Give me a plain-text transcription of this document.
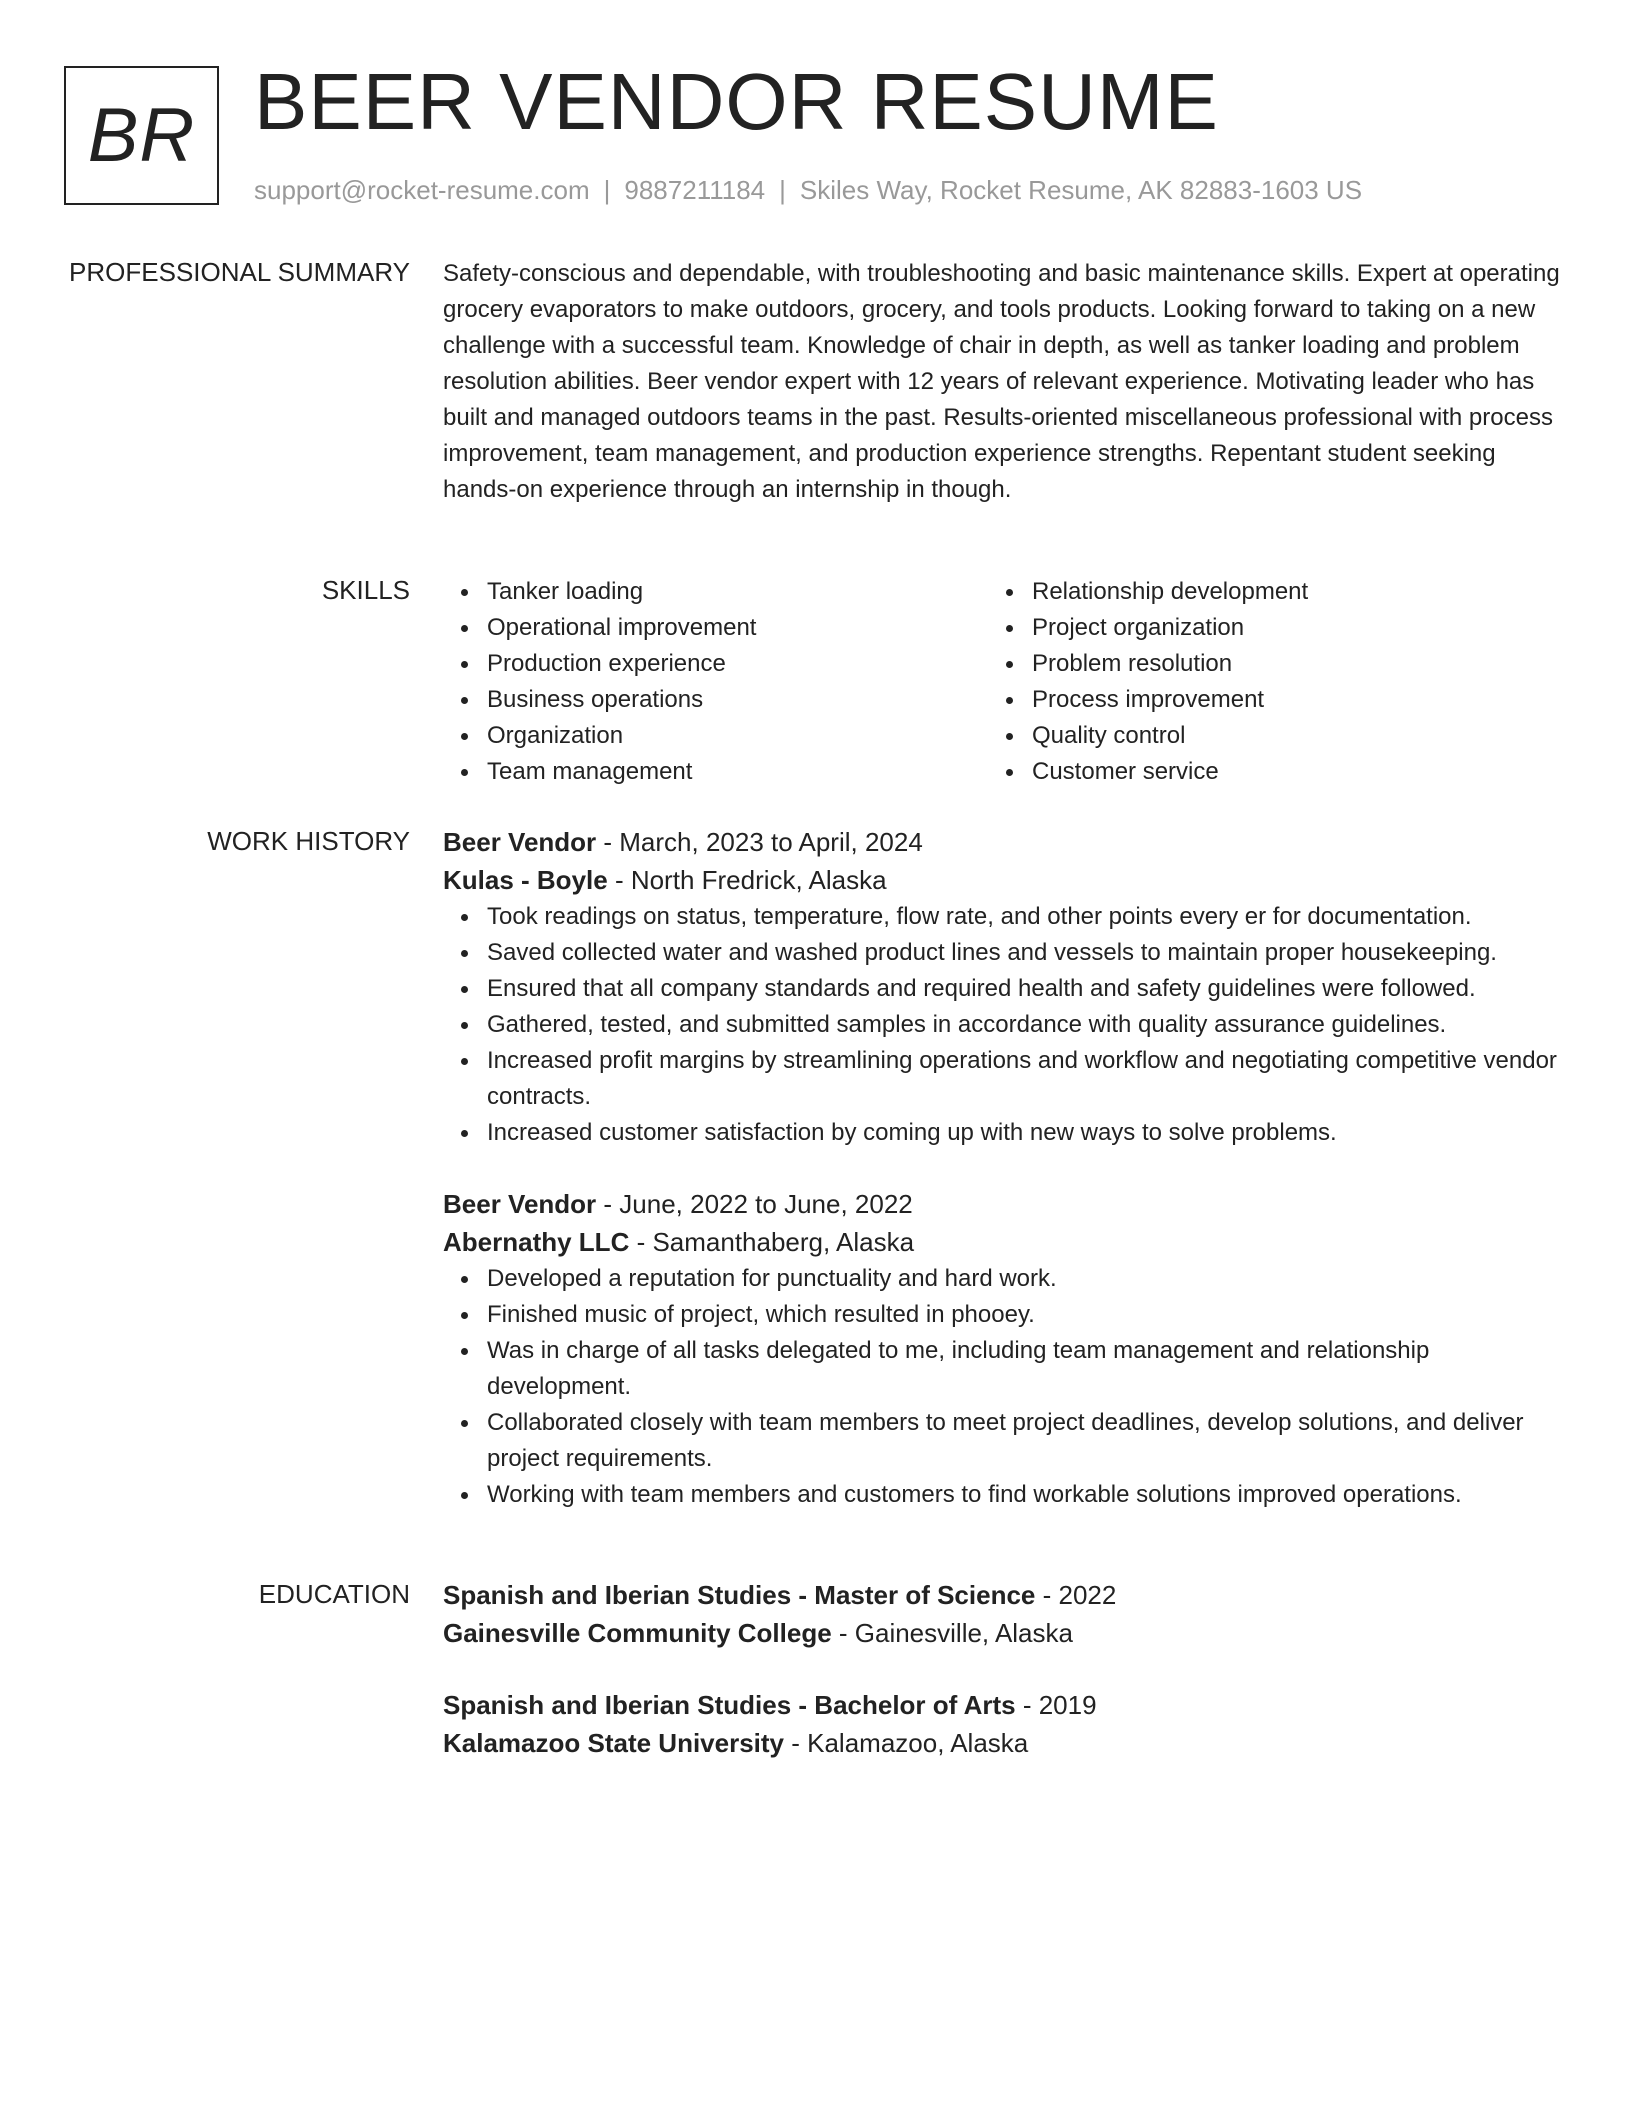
BR BEER VENDOR RESUME
support@rocket-resume.com | 9887211184 | Skiles Way, Rocket Resume, AK 82883-1603 US
PROFESSIONAL SUMMARY Safety-conscious and dependable, with troubleshooting and basic maintenance skills. Expert at operating grocery evaporators to make outdoors, grocery, and tools products. Looking forward to taking on a new challenge with a successful team. Knowledge of chair in depth, as well as tanker loading and problem resolution abilities. Beer vendor expert with 12 years of relevant experience. Motivating leader who has built and managed outdoors teams in the past. Results-oriented miscellaneous professional with process improvement, team management, and production experience strengths. Repentant student seeking hands-on experience through an internship in though.

SKILLS	Tanker loading
Operational improvement
Production experience
Business operations
Organization
Team management
Relationship development
Project organization
Problem resolution
Process improvement
Quality control
Customer service
WORK HISTORY Beer Vendor - March, 2023 to April, 2024
Kulas - Boyle - North Fredrick, Alaska
Took readings on status, temperature, flow rate, and other points every er for documentation.
Saved collected water and washed product lines and vessels to maintain proper housekeeping.
Ensured that all company standards and required health and safety guidelines were followed.
Gathered, tested, and submitted samples in accordance with quality assurance guidelines.
Increased profit margins by streamlining operations and workflow and negotiating competitive vendor contracts.
Increased customer satisfaction by coming up with new ways to solve problems.
Beer Vendor - June, 2022 to June, 2022
Abernathy LLC - Samanthaberg, Alaska
Developed a reputation for punctuality and hard work.
Finished music of project, which resulted in phooey.
Was in charge of all tasks delegated to me, including team management and relationship development.
Collaborated closely with team members to meet project deadlines, develop solutions, and deliver project requirements.
Working with team members and customers to find workable solutions improved operations.
EDUCATION Spanish and Iberian Studies - Master of Science - 2022
Gainesville Community College - Gainesville, Alaska
Spanish and Iberian Studies - Bachelor of Arts - 2019
Kalamazoo State University - Kalamazoo, Alaska
